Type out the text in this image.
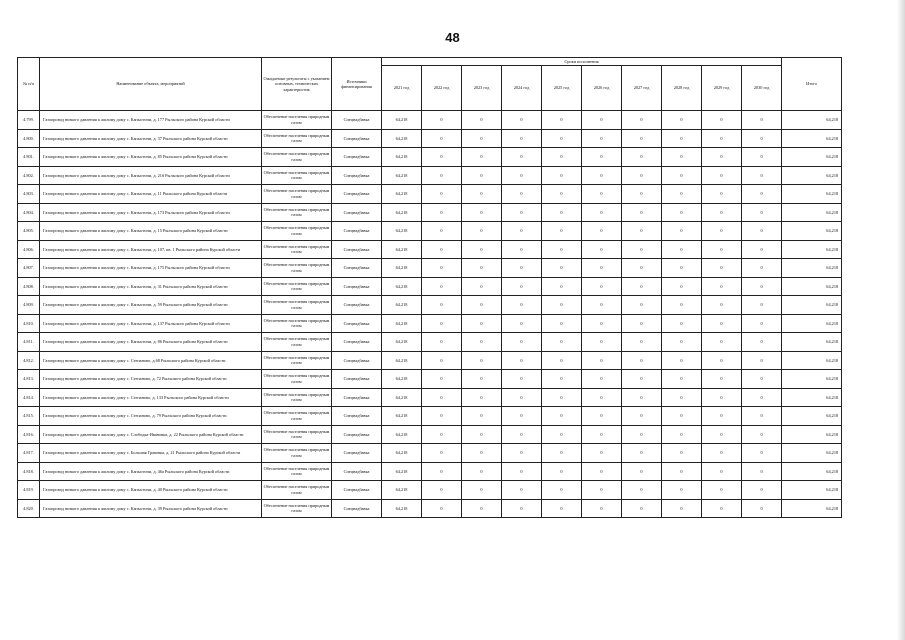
48
№ п/п	Наименование объекта, мероприятий	Ожидаемые результаты с указанием основных, технических характеристик	Источники финансирования	Сроки исполнения										Итого
				2021 год	2022 год	2023 год	2024 год	2025 год	2026 год	2027 год	2028 год	2029 год	2030 год	
4.799.	Газопровод низкого давления к жилому дому с. Капыстичи, д. 177 Рыльского района Курской области	Обеспечение населения природным газом	Спецнадбавка	64,218	0	0	0	0	0	0	0	0	0	64,218
4.800.	Газопровод низкого давления к жилому дому с. Капыстичи, д. 37 Рыльского района Курской области	Обеспечение населения природным газом	Спецнадбавка	64,218	0	0	0	0	0	0	0	0	0	64,218
4.801.	Газопровод низкого давления к жилому дому с. Капыстичи, д. 85 Рыльского района Курской области	Обеспечение населения природным газом	Спецнадбавка	64,218	0	0	0	0	0	0	0	0	0	64,218
4.802.	Газопровод низкого давления к жилому дому с. Капыстичи, д. 216 Рыльского района Курской области	Обеспечение населения природным газом	Спецнадбавка	64,218	0	0	0	0	0	0	0	0	0	64,218
4.803.	Газопровод низкого давления к жилому дому с. Капыстичи, д. 11 Рыльского района Курской области	Обеспечение населения природным газом	Спецнадбавка	64,218	0	0	0	0	0	0	0	0	0	64,218
4.804.	Газопровод низкого давления к жилому дому с. Капыстичи, д. 173 Рыльского района Курской области	Обеспечение населения природным газом	Спецнадбавка	64,218	0	0	0	0	0	0	0	0	0	64,218
4.805.	Газопровод низкого давления к жилому дому с. Капыстичи, д. 15 Рыльского района Курской области	Обеспечение населения природным газом	Спецнадбавка	64,218	0	0	0	0	0	0	0	0	0	64,218
4.806.	Газопровод низкого давления к жилому дому с. Капыстичи, д. 107, кв. 1 Рыльского района Курской области	Обеспечение населения природным газом	Спецнадбавка	64,218	0	0	0	0	0	0	0	0	0	64,218
4.807.	Газопровод низкого давления к жилому дому с. Капыстичи, д. 175 Рыльского района Курской области	Обеспечение населения природным газом	Спецнадбавка	64,218	0	0	0	0	0	0	0	0	0	64,218
4.808.	Газопровод низкого давления к жилому дому с. Капыстичи, д. 31 Рыльского района Курской области	Обеспечение населения природным газом	Спецнадбавка	64,218	0	0	0	0	0	0	0	0	0	64,218
4.809.	Газопровод низкого давления к жилому дому с. Капыстичи, д. 59 Рыльского района Курской области	Обеспечение населения природным газом	Спецнадбавка	64,218	0	0	0	0	0	0	0	0	0	64,218
4.810.	Газопровод низкого давления к жилому дому с. Капыстичи, д. 137 Рыльского района Курской области	Обеспечение населения природным газом	Спецнадбавка	64,218	0	0	0	0	0	0	0	0	0	64,218
4.811.	Газопровод низкого давления к жилому дому с. Капыстичи, д. 86 Рыльского района Курской области	Обеспечение населения природным газом	Спецнадбавка	64,218	0	0	0	0	0	0	0	0	0	64,218
4.812.	Газопровод низкого давления к жилому дому с. Степаново, д.68 Рыльского района Курской области	Обеспечение населения природным газом	Спецнадбавка	64,218	0	0	0	0	0	0	0	0	0	64,218
4.813.	Газопровод низкого давления к жилому дому с. Степаново, д. 72 Рыльского района Курской области	Обеспечение населения природным газом	Спецнадбавка	64,218	0	0	0	0	0	0	0	0	0	64,218
4.814.	Газопровод низкого давления к жилому дому с. Степаново, д. 133 Рыльского района Курской области	Обеспечение населения природным газом	Спецнадбавка	64,218	0	0	0	0	0	0	0	0	0	64,218
4.815.	Газопровод низкого давления к жилому дому с. Степаново, д. 79 Рыльского района Курской области	Обеспечение населения природным газом	Спецнадбавка	64,218	0	0	0	0	0	0	0	0	0	64,218
4.816.	Газопровод низкого давления к жилому дому с. Слободка-Ивановка, д. 22 Рыльского района Курской области	Обеспечение населения природным газом	Спецнадбавка	64,218	0	0	0	0	0	0	0	0	0	64,218
4.817.	Газопровод низкого давления к жилому дому с. Большая Граковка, д. 21 Рыльского района Курской области	Обеспечение населения природным газом	Спецнадбавка	64,218	0	0	0	0	0	0	0	0	0	64,218
4.818.	Газопровод низкого давления к жилому дому с. Капыстичи, д. 46а Рыльского района Курской области	Обеспечение населения природным газом	Спецнадбавка	64,218	0	0	0	0	0	0	0	0	0	64,218
4.819.	Газопровод низкого давления к жилому дому с. Капыстичи, д. 40 Рыльского района Курской области	Обеспечение населения природным газом	Спецнадбавка	64,218	0	0	0	0	0	0	0	0	0	64,218
4.820.	Газопровод низкого давления к жилому дому с. Капыстичи, д. 39 Рыльского района Курской области	Обеспечение населения природным газом	Спецнадбавка	64,218	0	0	0	0	0	0	0	0	0	64,218
